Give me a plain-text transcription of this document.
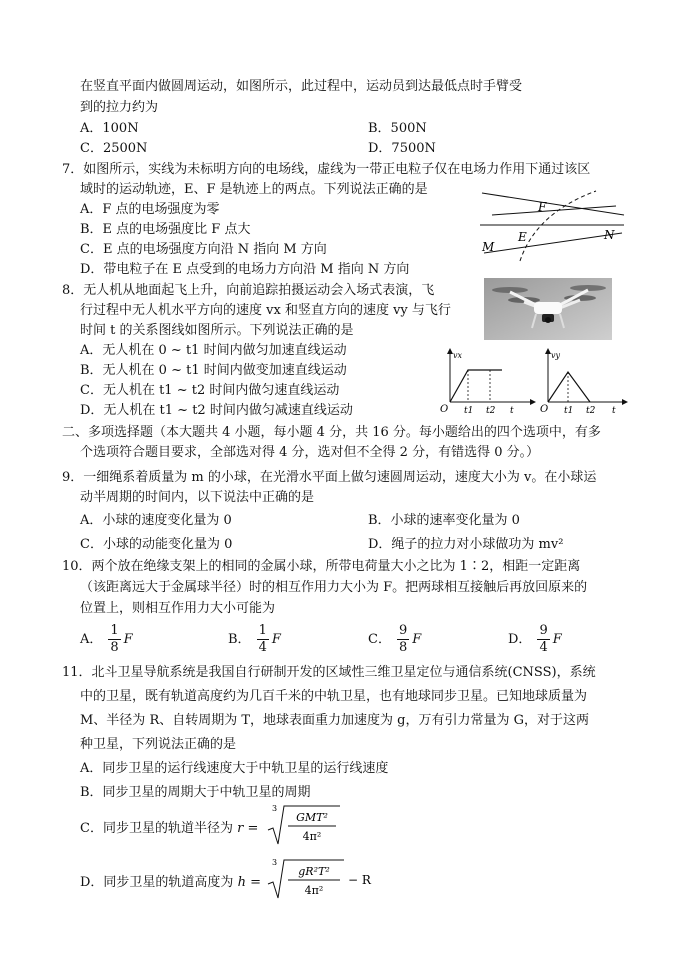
在竖直平面内做圆周运动，如图所示，此过程中，运动员到达最低点时手臂受
到的拉力约为
A．100N	B．500N
C．2500N	D．7500N
7．如图所示，实线为未标明方向的电场线，虚线为一带正电粒子仅在电场力作用下通过该区
域时的运动轨迹，E、F 是轨迹上的两点。下列说法正确的是
A．F 点的电场强度为零
B．E 点的电场强度比 F 点大
C．E 点的电场强度方向沿 N 指向 M 方向
D．带电粒子在 E 点受到的电场力方向沿 M 指向 N 方向
F
E
M
N
8．无人机从地面起飞上升，向前追踪拍摄运动会入场式表演，飞
行过程中无人机水平方向的速度 vx 和竖直方向的速度 vy 与飞行
时间 t 的关系图线如图所示。下列说法正确的是
A．无人机在 0 ~ t1 时间内做匀加速直线运动
B．无人机在 0 ~ t1 时间内做变加速直线运动
C．无人机在 t1 ~ t2 时间内做匀速直线运动
D．无人机在 t1 ~ t2 时间内做匀减速直线运动
vx
O t1 t2 t
vy
O t1 t2 t
二、多项选择题（本大题共 4 小题，每小题 4 分，共 16 分。每小题给出的四个选项中，有多
个选项符合题目要求，全部选对得 4 分，选对但不全得 2 分，有错选得 0 分。）
9．一细绳系着质量为 m 的小球，在光滑水平面上做匀速圆周运动，速度大小为 v。在小球运
动半周期的时间内，以下说法中正确的是
A．小球的速度变化量为 0	B．小球的速率变化量为 0
C．小球的动能变化量为 0	D．绳子的拉力对小球做功为 mv²
10．两个放在绝缘支架上的相同的金属小球，所带电荷量大小之比为 1∶2，相距一定距离
（该距离远大于金属球半径）时的相互作用力大小为 F。把两球相互接触后再放回原来的
位置上，则相互作用力大小可能为
A． $\frac{1}{8}$ F	B． $\frac{1}{4}$ F	C． $\frac{9}{8}$ F	D． $\frac{9}{4}$ F
11．北斗卫星导航系统是我国自行研制开发的区域性三维卫星定位与通信系统(CNSS)，系统
中的卫星，既有轨道高度约为几百千米的中轨卫星，也有地球同步卫星。已知地球质量为
M、半径为 R、自转周期为 T，地球表面重力加速度为 g，万有引力常量为 G，对于这两
种卫星，下列说法正确的是
A．同步卫星的运行线速度大于中轨卫星的运行线速度
B．同步卫星的周期大于中轨卫星的周期
C．同步卫星的轨道半径为 r =
3
GMT²
4π²
D．同步卫星的轨道高度为 h =
3
gR²T²
4π²
− R
